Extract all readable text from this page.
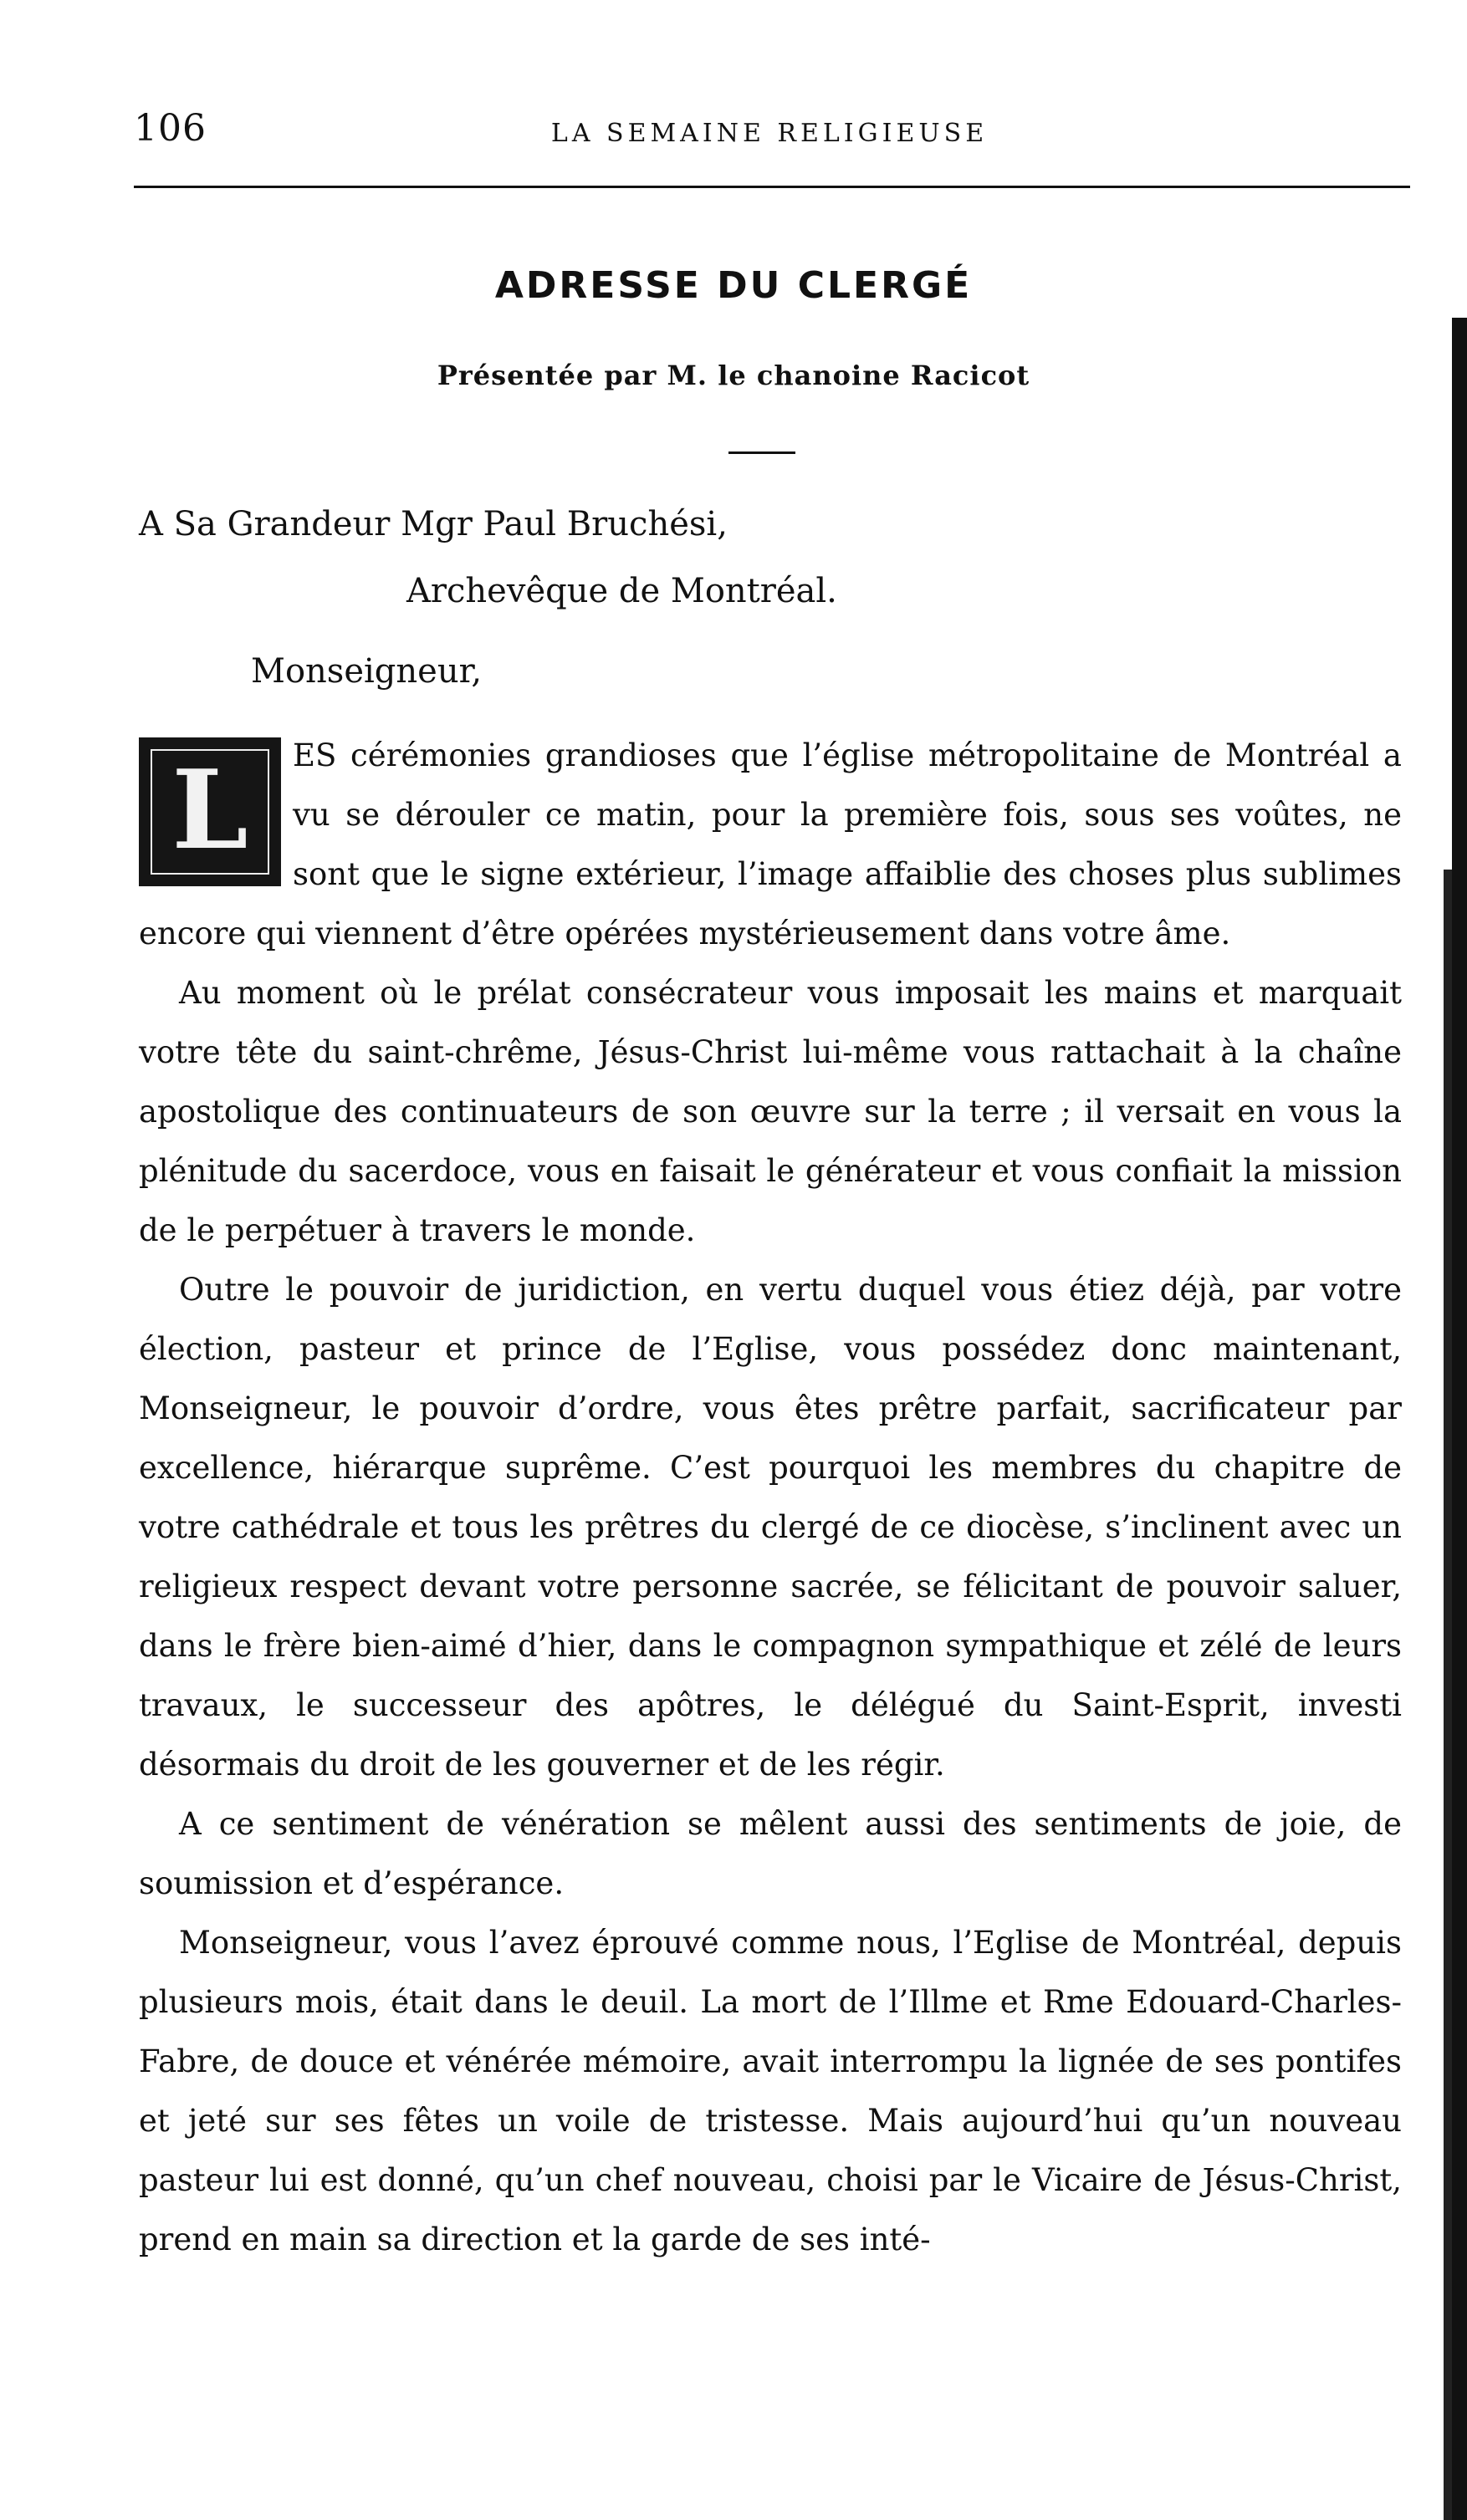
106	LA SEMAINE RELIGIEUSE
ADRESSE DU CLERGÉ
Présentée par M. le chanoine Racicot
A Sa Grandeur Mgr Paul Bruchési,
Archevêque de Montréal.
Monseigneur,

L	ES cérémonies grandioses que l’église métropolitaine de Montréal a vu se dérouler ce matin, pour la première fois, sous ses voûtes, ne sont que le signe extérieur, l’image affaiblie des choses plus sublimes encore qui viennent d’être opérées mystérieusement dans votre âme.

Au moment où le prélat consécrateur vous imposait les mains et marquait votre tête du saint-chrême, Jésus-Christ lui-même vous rattachait à la chaîne apostolique des continuateurs de son œuvre sur la terre ; il versait en vous la plénitude du sacerdoce, vous en faisait le générateur et vous confiait la mission de le perpétuer à travers le monde.

Outre le pouvoir de juridiction, en vertu duquel vous étiez déjà, par votre élection, pasteur et prince de l’Eglise, vous possédez donc maintenant, Monseigneur, le pouvoir d’ordre, vous êtes prêtre parfait, sacrificateur par excellence, hiérarque suprême. C’est pourquoi les membres du chapitre de votre cathédrale et tous les prêtres du clergé de ce diocèse, s’inclinent avec un religieux respect devant votre personne sacrée, se félicitant de pouvoir saluer, dans le frère bien-aimé d’hier, dans le compagnon sympathique et zélé de leurs travaux, le successeur des apôtres, le délégué du Saint-Esprit, investi désormais du droit de les gouverner et de les régir.

A ce sentiment de vénération se mêlent aussi des sentiments de joie, de soumission et d’espérance.

Monseigneur, vous l’avez éprouvé comme nous, l’Eglise de Montréal, depuis plusieurs mois, était dans le deuil. La mort de l’Illme et Rme Edouard-Charles-Fabre, de douce et vénérée mémoire, avait interrompu la lignée de ses pontifes et jeté sur ses fêtes un voile de tristesse. Mais aujourd’hui qu’un nouveau pasteur lui est donné, qu’un chef nouveau, choisi par le Vicaire de Jésus-Christ, prend en main sa direction et la garde de ses inté-
